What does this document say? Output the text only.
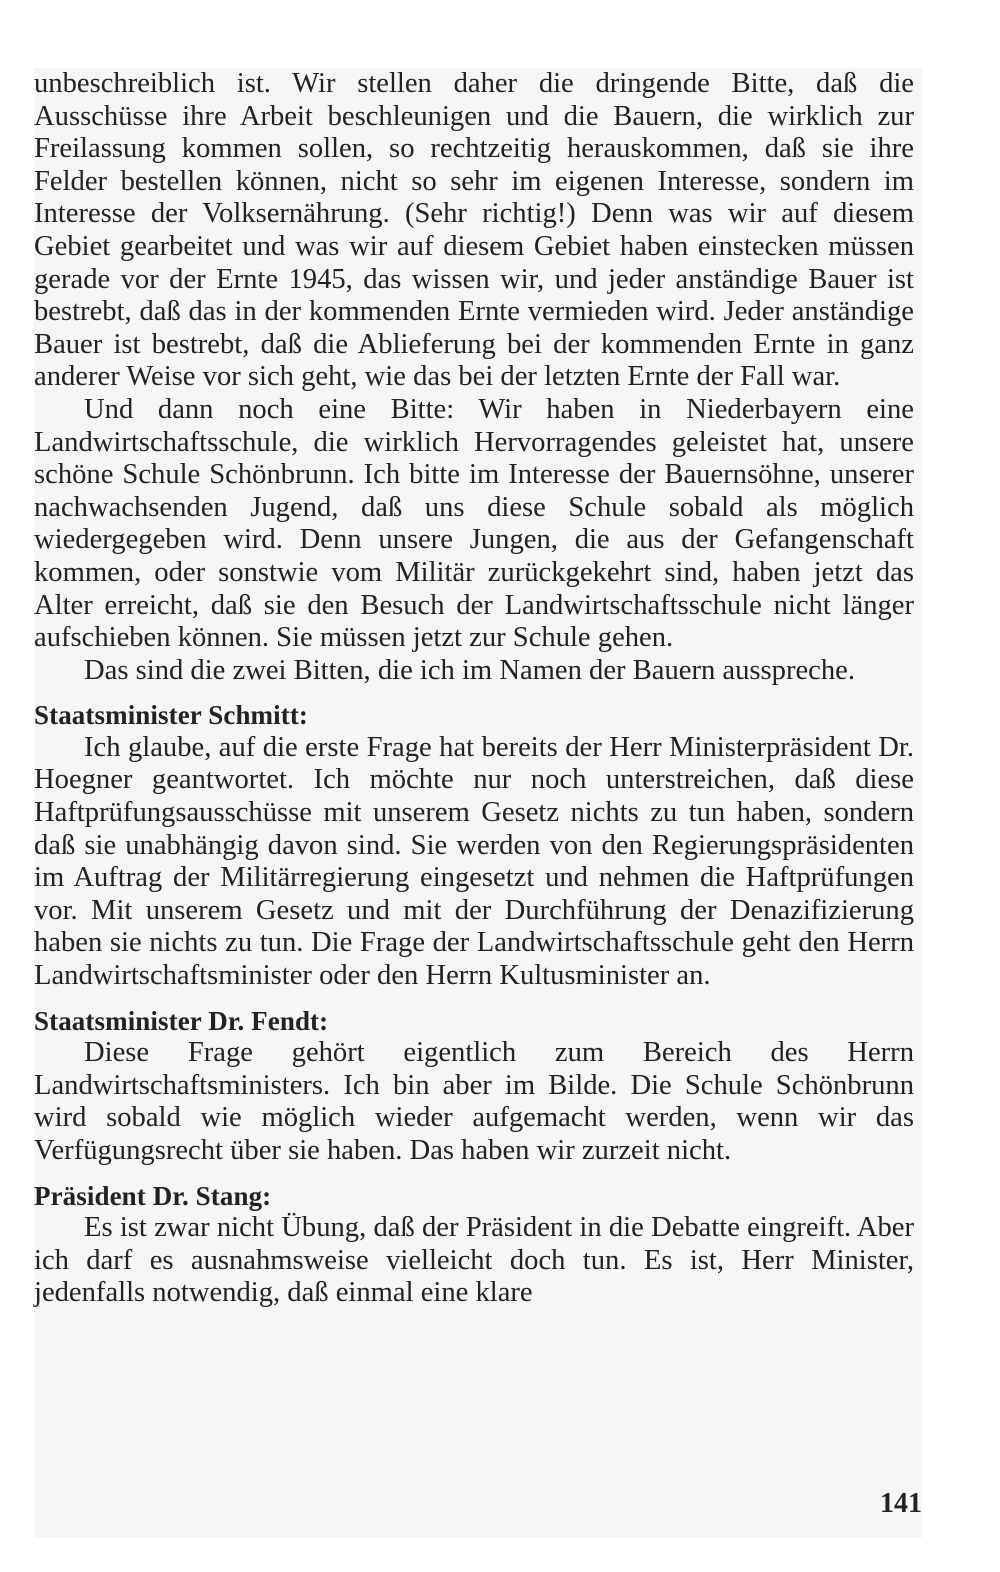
unbeschreiblich ist. Wir stellen daher die dringende Bitte, daß die Ausschüsse ihre Arbeit beschleunigen und die Bauern, die wirklich zur Freilassung kommen sollen, so rechtzeitig herauskommen, daß sie ihre Felder bestellen können, nicht so sehr im eigenen Interesse, sondern im Interesse der Volksernährung. (Sehr richtig!) Denn was wir auf diesem Gebiet gearbeitet und was wir auf diesem Gebiet haben einstecken müssen gerade vor der Ernte 1945, das wissen wir, und jeder anständige Bauer ist bestrebt, daß das in der kommenden Ernte vermieden wird. Jeder anständige Bauer ist bestrebt, daß die Ablieferung bei der kommenden Ernte in ganz anderer Weise vor sich geht, wie das bei der letzten Ernte der Fall war.

Und dann noch eine Bitte: Wir haben in Niederbayern eine Landwirtschaftsschule, die wirklich Hervorragendes geleistet hat, unsere schöne Schule Schönbrunn. Ich bitte im Interesse der Bauernsöhne, unserer nachwachsenden Jugend, daß uns diese Schule sobald als möglich wiedergegeben wird. Denn unsere Jungen, die aus der Gefangenschaft kommen, oder sonstwie vom Militär zurückgekehrt sind, haben jetzt das Alter erreicht, daß sie den Besuch der Landwirtschaftsschule nicht länger aufschieben können. Sie müssen jetzt zur Schule gehen.

Das sind die zwei Bitten, die ich im Namen der Bauern ausspreche.

Staatsminister Schmitt:

Ich glaube, auf die erste Frage hat bereits der Herr Ministerpräsident Dr. Hoegner geantwortet. Ich möchte nur noch unterstreichen, daß diese Haftprüfungsausschüsse mit unserem Gesetz nichts zu tun haben, sondern daß sie unabhängig davon sind. Sie werden von den Regierungspräsidenten im Auftrag der Militärregierung eingesetzt und nehmen die Haftprüfungen vor. Mit unserem Gesetz und mit der Durchführung der Denazifizierung haben sie nichts zu tun. Die Frage der Landwirtschaftsschule geht den Herrn Landwirtschaftsminister oder den Herrn Kultusminister an.

Staatsminister Dr. Fendt:

Diese Frage gehört eigentlich zum Bereich des Herrn Landwirtschaftsministers. Ich bin aber im Bilde. Die Schule Schönbrunn wird sobald wie möglich wieder aufgemacht werden, wenn wir das Verfügungsrecht über sie haben. Das haben wir zurzeit nicht.

Präsident Dr. Stang:

Es ist zwar nicht Übung, daß der Präsident in die Debatte eingreift. Aber ich darf es ausnahmsweise vielleicht doch tun. Es ist, Herr Minister, jedenfalls notwendig, daß einmal eine klare

141
